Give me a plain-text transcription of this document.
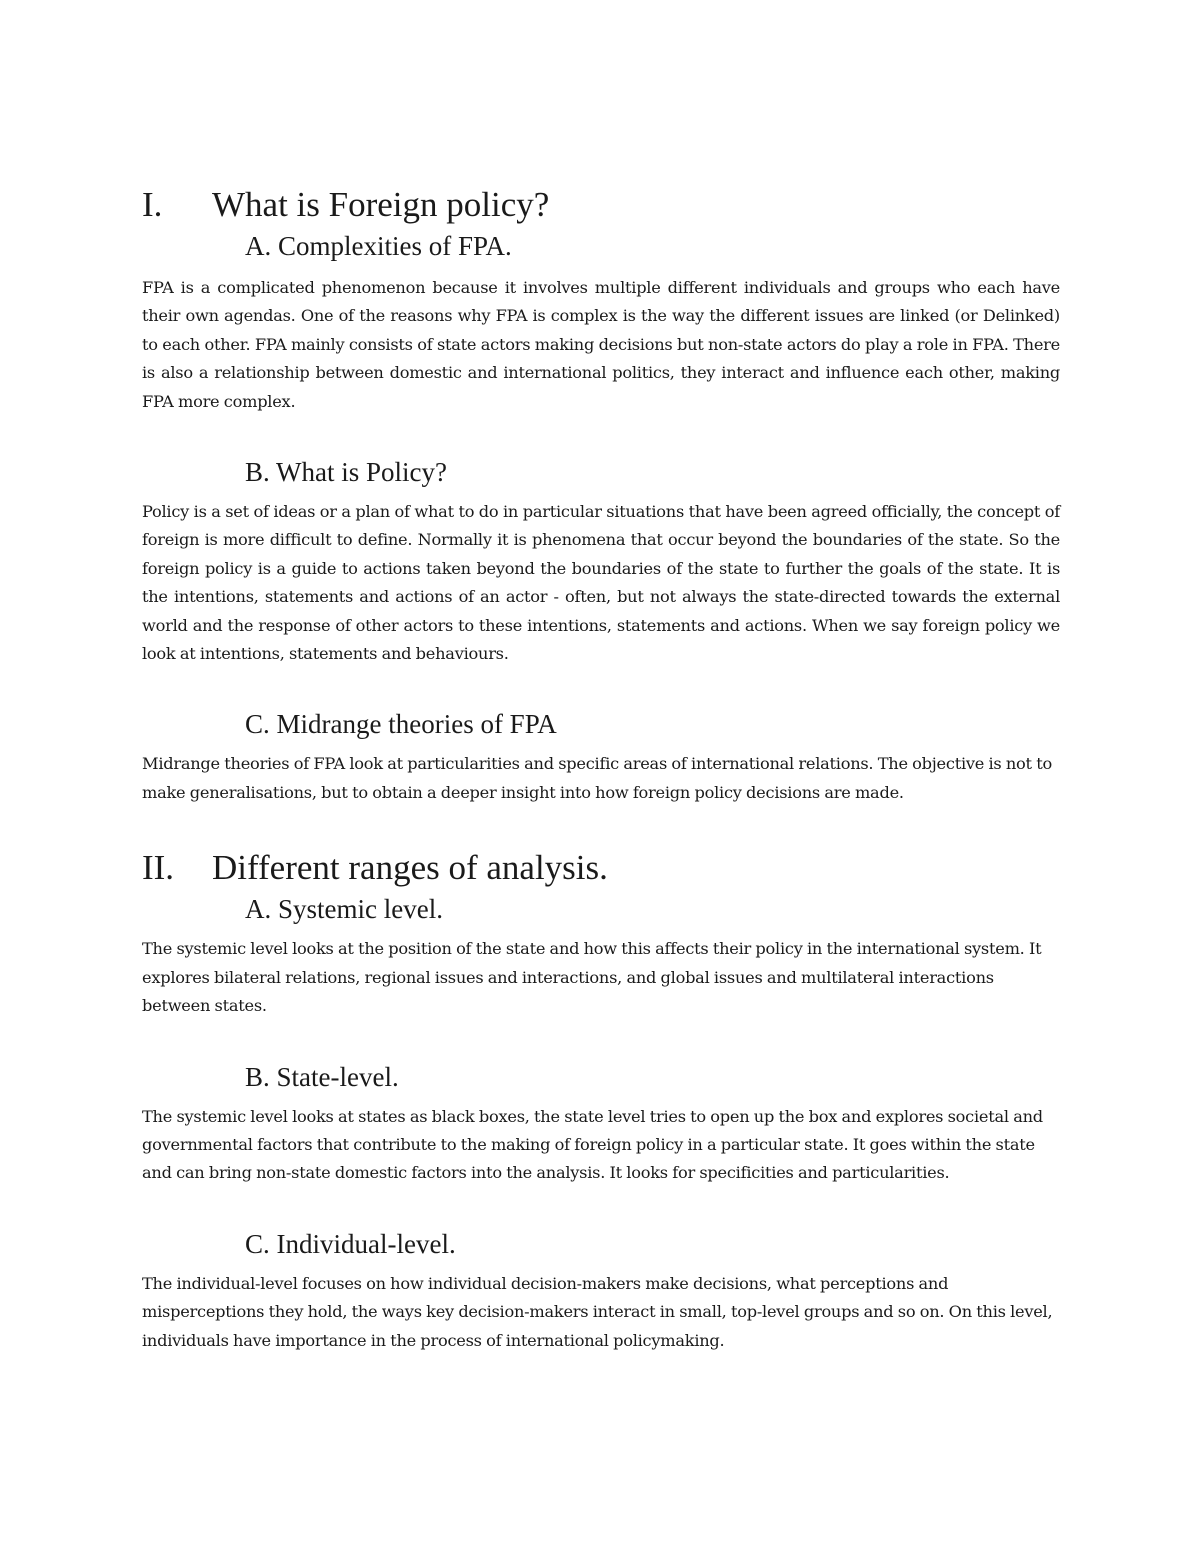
I.	What is Foreign policy?
A. Complexities of FPA.

FPA is a complicated phenomenon because it involves multiple different individuals and groups who each have their own agendas. One of the reasons why FPA is complex is the way the different issues are linked (or Delinked) to each other. FPA mainly consists of state actors making decisions but non-state actors do play a role in FPA. There is also a relationship between domestic and international politics, they interact and influence each other, making FPA more complex.

B. What is Policy?

Policy is a set of ideas or a plan of what to do in particular situations that have been agreed officially, the concept of foreign is more difficult to define. Normally it is phenomena that occur beyond the boundaries of the state. So the foreign policy is a guide to actions taken beyond the boundaries of the state to further the goals of the state. It is the intentions, statements and actions of an actor - often, but not always the state-directed towards the external world and the response of other actors to these intentions, statements and actions. When we say foreign policy we look at intentions, statements and behaviours.

C. Midrange theories of FPA

Midrange theories of FPA look at particularities and specific areas of international relations. The objective is not to make generalisations, but to obtain a deeper insight into how foreign policy decisions are made.

II.	Different ranges of analysis.
A. Systemic level.

The systemic level looks at the position of the state and how this affects their policy in the international system. It explores bilateral relations, regional issues and interactions, and global issues and multilateral interactions between states.

B. State-level.

The systemic level looks at states as black boxes, the state level tries to open up the box and explores societal and governmental factors that contribute to the making of foreign policy in a particular state. It goes within the state and can bring non-state domestic factors into the analysis. It looks for specificities and particularities.

C. Individual-level.

The individual-level focuses on how individual decision-makers make decisions, what perceptions and misperceptions they hold, the ways key decision-makers interact in small, top-level groups and so on. On this level, individuals have importance in the process of international policymaking.
